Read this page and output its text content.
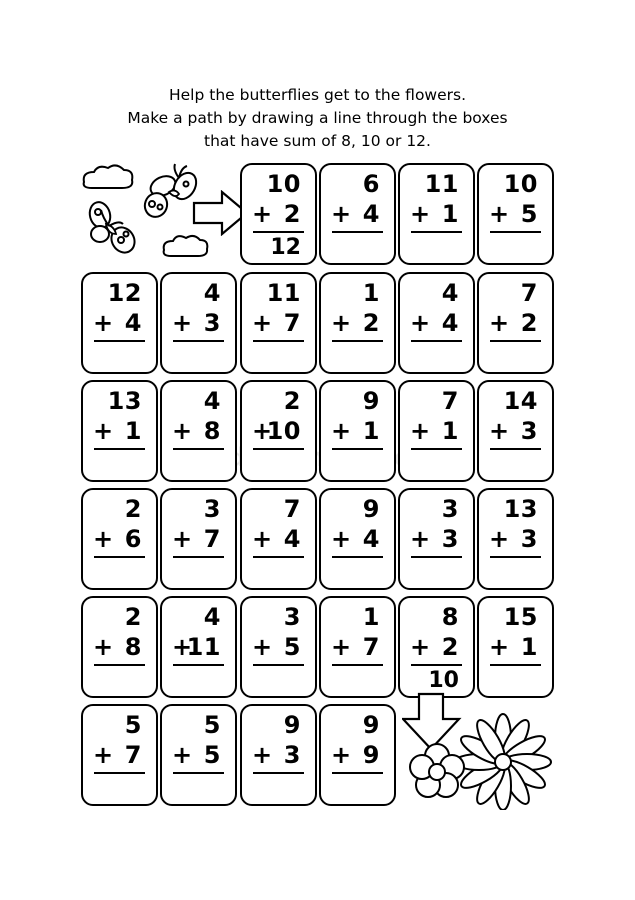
Help the butterflies get to the flowers.
Make a path by drawing a line through the boxes
that have sum of 8, 10 or 12.
10
+ 2
12
6
+ 4
11
+ 1
10
+ 5
12
+ 4
4
+ 3
11
+ 7
1
+ 2
4
+ 4
7
+ 2
13
+ 1
4
+ 8
2
+
10
9
+ 1
7
+ 1
14
+ 3
2
+ 6
3
+ 7
7
+ 4
9
+ 4
3
+ 3
13
+ 3
2
+ 8
4
+
11
3
+ 5
1
+ 7
8
+ 2
10
15
+ 1
5
+ 7
5
+ 5
9
+ 3
9
+ 9
